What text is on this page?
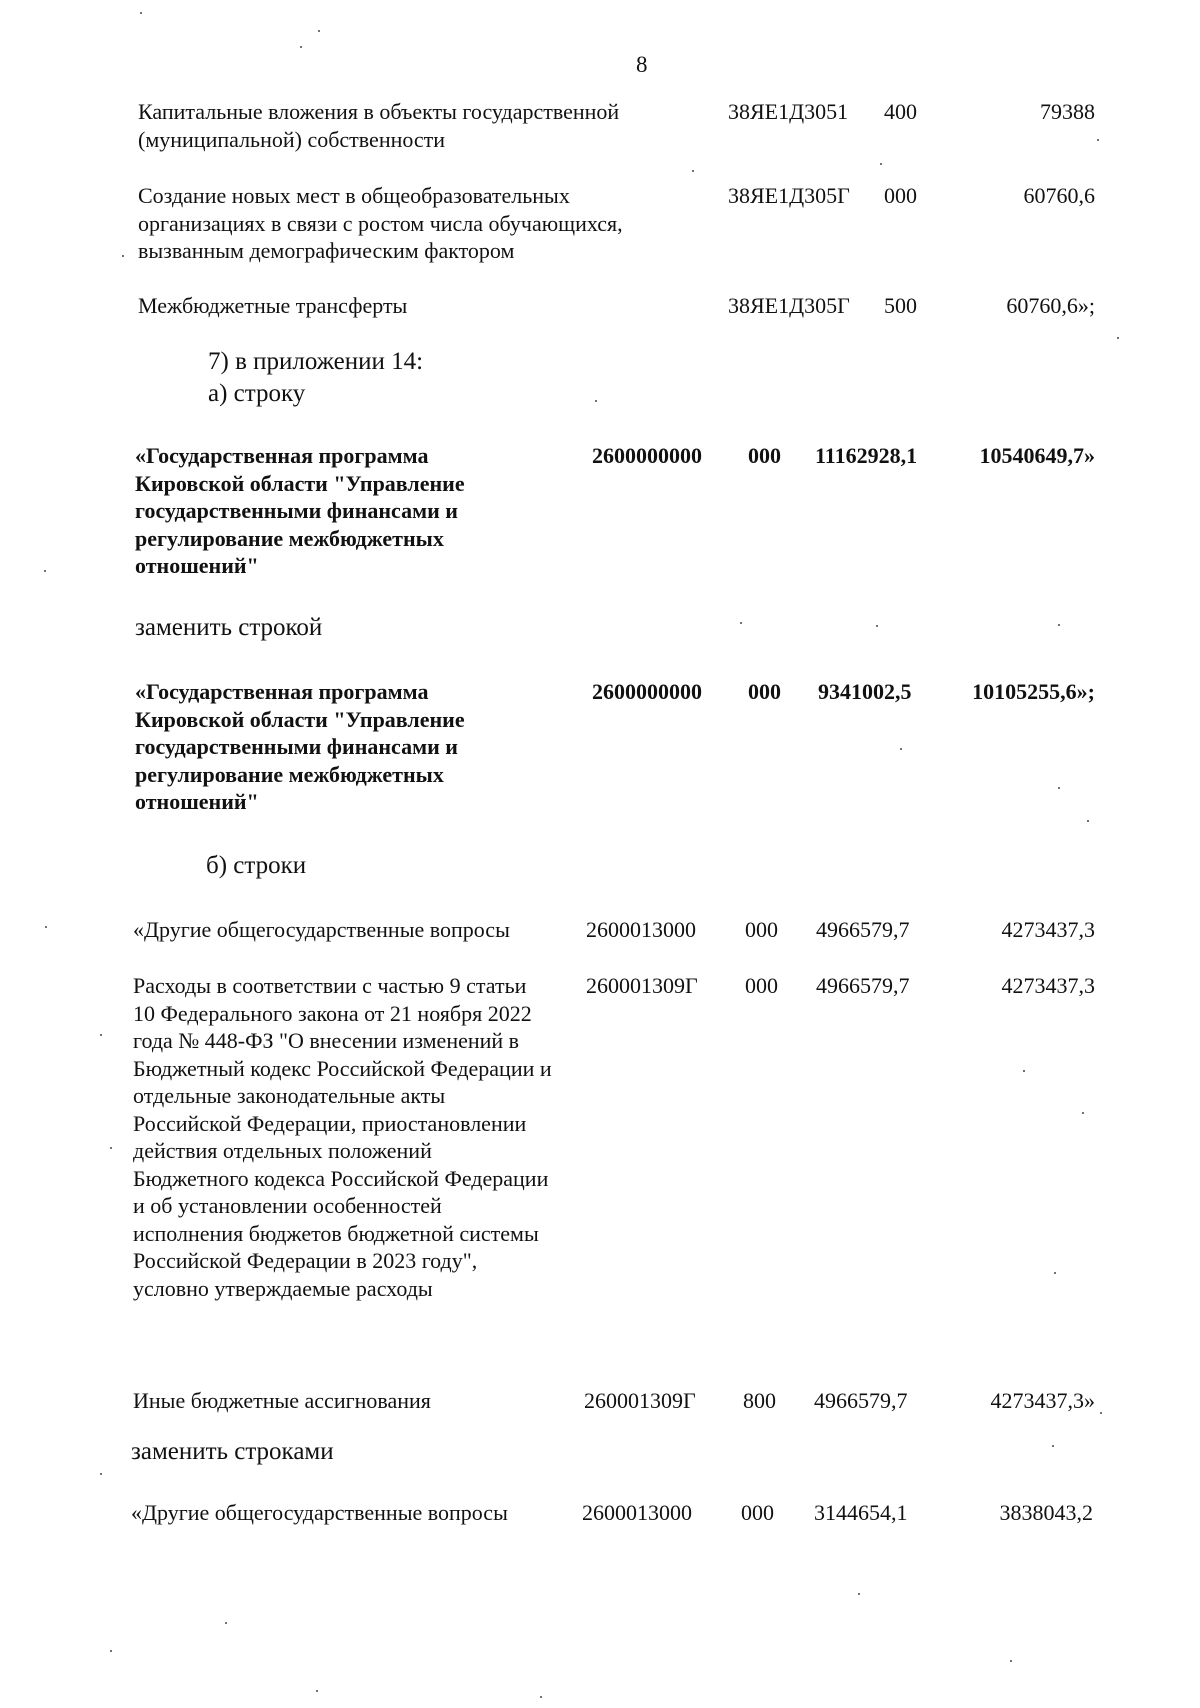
8
Капитальные вложения в объекты государственной (муниципальной) собственности
38ЯЕ1Д3051 400	79388
Создание новых мест в общеобразовательных организациях в связи с ростом числа обучающихся, вызванным демографическим фактором
38ЯЕ1Д305Г 000	60760,6
Межбюджетные трансферты	38ЯЕ1Д305Г 500	60760,6»;
7) в приложении 14:
а) строку
«Государственная программа Кировской области "Управление государственными финансами и регулирование межбюджетных отношений"
2600000000 000 11162928,1	10540649,7»
заменить строкой
«Государственная программа Кировской области "Управление государственными финансами и регулирование межбюджетных отношений"
2600000000 000 9341002,5	10105255,6»;
б) строки
«Другие общегосударственные вопросы	2600013000 000 4966579,7	4273437,3
Расходы в соответствии с частью 9 статьи 10 Федерального закона от 21 ноября 2022 года № 448-ФЗ "О внесении изменений в Бюджетный кодекс Российской Федерации и отдельные законодательные акты Российской Федерации, приостановлении действия отдельных положений Бюджетного кодекса Российской Федерации и об установлении особенностей исполнения бюджетов бюджетной системы Российской Федерации в 2023 году", условно утверждаемые расходы
260001309Г 000 4966579,7	4273437,3
Иные бюджетные ассигнования	260001309Г 800 4966579,7	4273437,3»
заменить строками
«Другие общегосударственные вопросы	2600013000 000 3144654,1	3838043,2
